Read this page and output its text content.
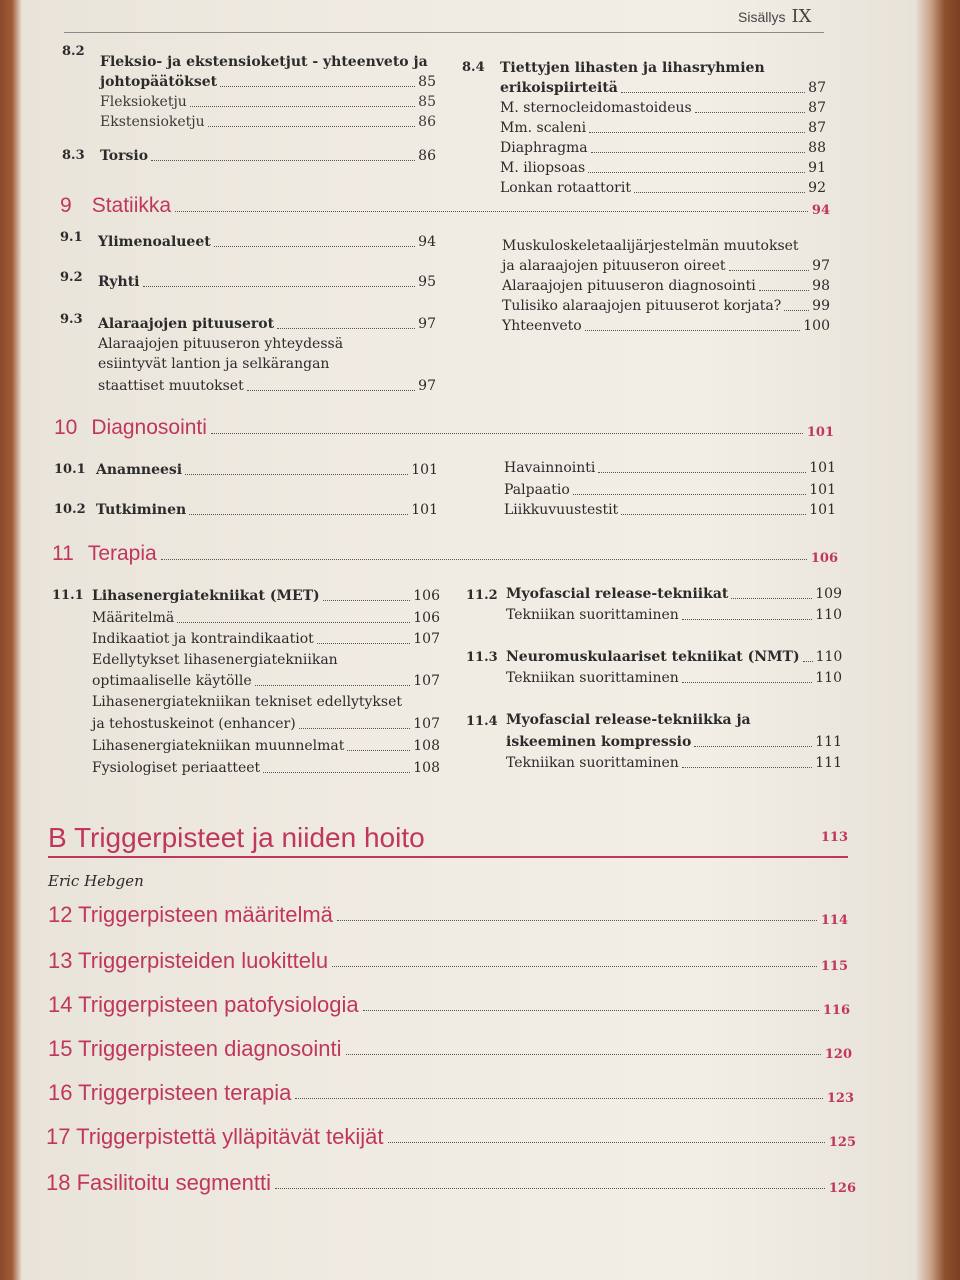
Sisällys IX
8.2
Fleksio- ja ekstensioketjut - yhteenveto ja
johtopäätökset	85
Fleksioketju	85
Ekstensioketju	86
8.3 Torsio	86
8.4 Tiettyjen lihasten ja lihasryhmien
erikoispiirteitä	87
M. sternocleidomastoideus	87
Mm. scaleni	87
Diaphragma	88
M. iliopsoas	91
Lonkan rotaattorit	92
9 Statiikka	94
9.1 Ylimenoalueet	94
9.2 Ryhti	95
9.3 Alaraajojen pituuserot	97
Alaraajojen pituuseron yhteydessä
esiintyvät lantion ja selkärangan
staattiset muutokset	97
Muskuloskeletaalijärjestelmän muutokset
ja alaraajojen pituuseron oireet	97
Alaraajojen pituuseron diagnosointi	98
Tulisiko alaraajojen pituuserot korjata? 99
Yhteenveto	100
10 Diagnosointi	101
10.1 Anamneesi	101
10.2 Tutkiminen	101
Havainnointi	101
Palpaatio	101
Liikkuvuustestit	101
11 Terapia	106
11.1 Lihasenergiatekniikat (MET)	106
Määritelmä	106
Indikaatiot ja kontraindikaatiot	107
Edellytykset lihasenergiatekniikan
optimaaliselle käytölle	107
Lihasenergiatekniikan tekniset edellytykset
ja tehostuskeinot (enhancer)	107
Lihasenergiatekniikan muunnelmat	108
Fysiologiset periaatteet	108
11.2 Myofascial release-tekniikat	109
Tekniikan suorittaminen	110
11.3 Neuromuskulaariset tekniikat (NMT) 110
Tekniikan suorittaminen	110
11.4 Myofascial release-tekniikka ja
iskeeminen kompressio	111
Tekniikan suorittaminen	111
B Triggerpisteet ja niiden hoito	113
Eric Hebgen
12 Triggerpisteen määritelmä	114
13 Triggerpisteiden luokittelu	115
14 Triggerpisteen patofysiologia	116
15 Triggerpisteen diagnosointi	120
16 Triggerpisteen terapia	123
17 Triggerpistettä ylläpitävät tekijät	125
18 Fasilitoitu segmentti	126
